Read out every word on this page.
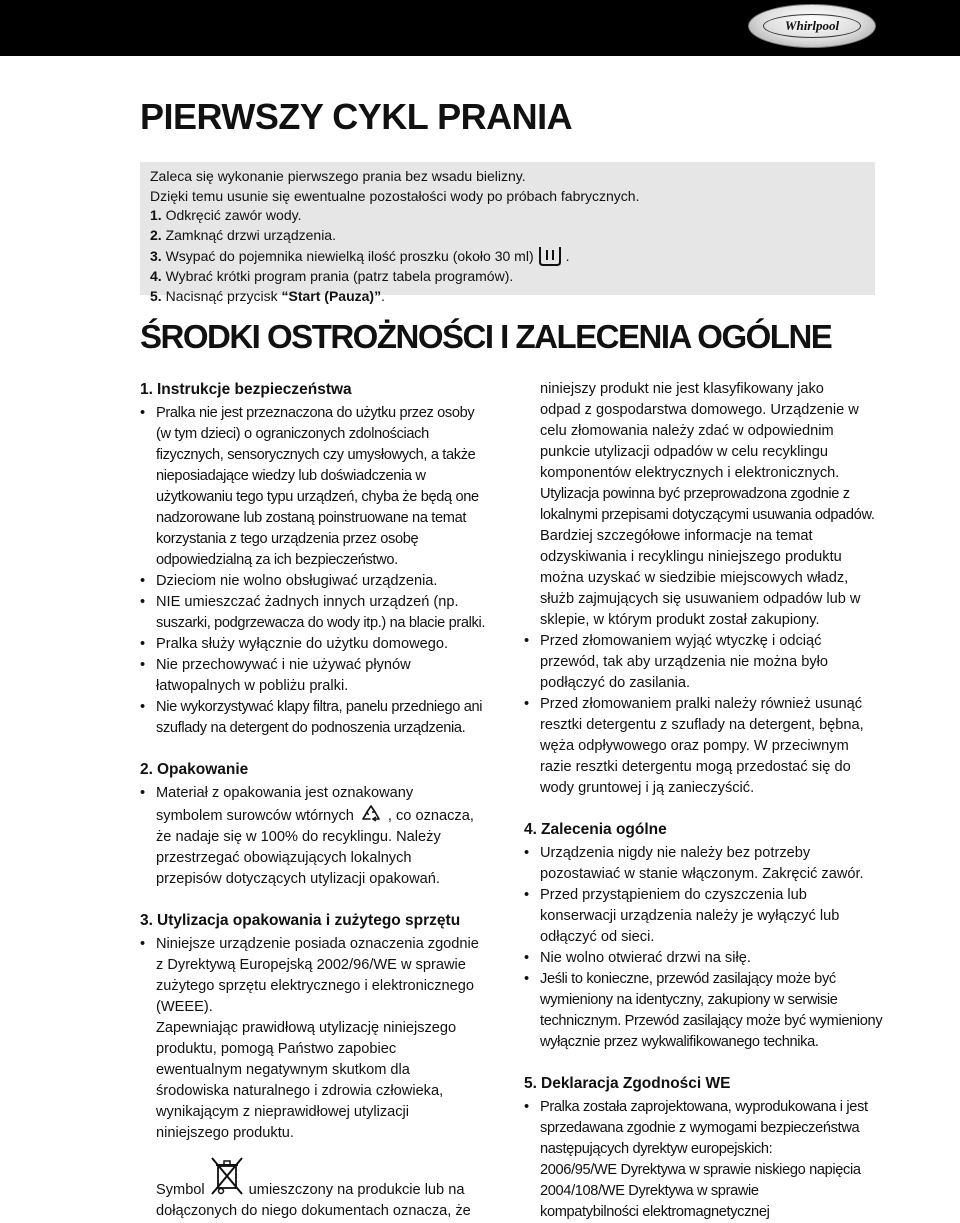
Whirlpool
PIERWSZY CYKL PRANIA

Zaleca się wykonanie pierwszego prania bez wsadu bielizny.

Dzięki temu usunie się ewentualne pozostałości wody po próbach fabrycznych.

1. Odkręcić zawór wody.

2. Zamknąć drzwi urządzenia.

3. Wsypać do pojemnika niewielką ilość proszku (około 30 ml) .

4. Wybrać krótki program prania (patrz tabela programów).

5. Nacisnąć przycisk “Start (Pauza)”.

ŚRODKI OSTROŻNOŚCI I ZALECENIA OGÓLNE
1. Instrukcje bezpieczeństwa
• Pralka nie jest przeznaczona do użytku przez osoby
(w tym dzieci) o ograniczonych zdolnościach
fizycznych, sensorycznych czy umysłowych, a także
nieposiadające wiedzy lub doświadczenia w
użytkowaniu tego typu urządzeń, chyba że będą one
nadzorowane lub zostaną poinstruowane na temat
korzystania z tego urządzenia przez osobę
odpowiedzialną za ich bezpieczeństwo.
• Dzieciom nie wolno obsługiwać urządzenia.
• NIE umieszczać żadnych innych urządzeń (np.
suszarki, podgrzewacza do wody itp.) na blacie pralki.
• Pralka służy wyłącznie do użytku domowego.
• Nie przechowywać i nie używać płynów
łatwopalnych w pobliżu pralki.
• Nie wykorzystywać klapy filtra, panelu przedniego ani
szuflady na detergent do podnoszenia urządzenia.
2. Opakowanie
• Materiał z opakowania jest oznakowany
symbolem surowców wtórnych , co oznacza,
że nadaje się w 100% do recyklingu. Należy
przestrzegać obowiązujących lokalnych
przepisów dotyczących utylizacji opakowań.
3. Utylizacja opakowania i zużytego sprzętu
• Niniejsze urządzenie posiada oznaczenia zgodnie
z Dyrektywą Europejską 2002/96/WE w sprawie
zużytego sprzętu elektrycznego i elektronicznego
(WEEE).
Zapewniając prawidłową utylizację niniejszego
produktu, pomogą Państwo zapobiec
ewentualnym negatywnym skutkom dla
środowiska naturalnego i zdrowia człowieka,
wynikającym z nieprawidłowej utylizacji
niniejszego produktu.
Symbol	umieszczony na produkcie lub na
dołączonych do niego dokumentach oznacza, że
niniejszy produkt nie jest klasyfikowany jako
odpad z gospodarstwa domowego. Urządzenie w
celu złomowania należy zdać w odpowiednim
punkcie utylizacji odpadów w celu recyklingu
komponentów elektrycznych i elektronicznych.
Utylizacja powinna być przeprowadzona zgodnie z
lokalnymi przepisami dotyczącymi usuwania odpadów.
Bardziej szczegółowe informacje na temat
odzyskiwania i recyklingu niniejszego produktu
można uzyskać w siedzibie miejscowych władz,
służb zajmujących się usuwaniem odpadów lub w
sklepie, w którym produkt został zakupiony.
• Przed złomowaniem wyjąć wtyczkę i odciąć
przewód, tak aby urządzenia nie można było
podłączyć do zasilania.
• Przed złomowaniem pralki należy również usunąć
resztki detergentu z szuflady na detergent, bębna,
węża odpływowego oraz pompy. W przeciwnym
razie resztki detergentu mogą przedostać się do
wody gruntowej i ją zanieczyścić.
4. Zalecenia ogólne
• Urządzenia nigdy nie należy bez potrzeby
pozostawiać w stanie włączonym. Zakręcić zawór.
• Przed przystąpieniem do czyszczenia lub
konserwacji urządzenia należy je wyłączyć lub
odłączyć od sieci.
• Nie wolno otwierać drzwi na siłę.
• Jeśli to konieczne, przewód zasilający może być
wymieniony na identyczny, zakupiony w serwisie
technicznym. Przewód zasilający może być wymieniony
wyłącznie przez wykwalifikowanego technika.
5. Deklaracja Zgodności WE
• Pralka została zaprojektowana, wyprodukowana i jest
sprzedawana zgodnie z wymogami bezpieczeństwa
następujących dyrektyw europejskich:
2006/95/WE Dyrektywa w sprawie niskiego napięcia
2004/108/WE Dyrektywa w sprawie
kompatybilności elektromagnetycznej
